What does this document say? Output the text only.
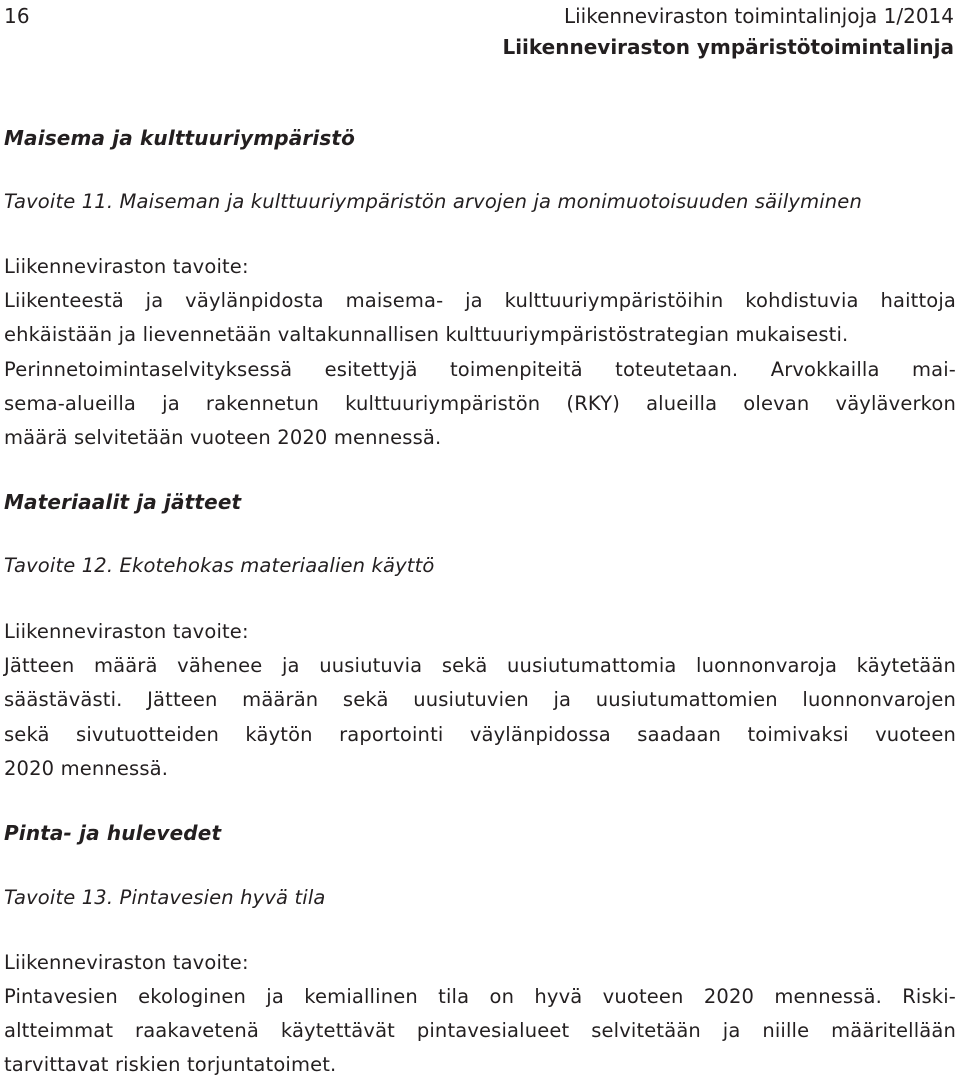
16	Liikenneviraston toimintalinjoja 1/2014
Liikenneviraston ympäristötoimintalinja
Maisema ja kulttuuriympäristö
Tavoite 11. Maiseman ja kulttuuriympäristön arvojen ja monimuotoisuuden säilyminen
Liikenneviraston tavoite:
Liikenteestä ja väylänpidosta maisema- ja kulttuuriympäristöihin kohdistuvia haittoja
ehkäistään ja lievennetään valtakunnallisen kulttuuriympäristöstrategian mukaisesti.
Perinnetoimintaselvityksessä esitettyjä toimenpiteitä toteutetaan. Arvokkailla mai-
sema-alueilla ja rakennetun kulttuuriympäristön (RKY) alueilla olevan väyläverkon
määrä selvitetään vuoteen 2020 mennessä.
Materiaalit ja jätteet
Tavoite 12. Ekotehokas materiaalien käyttö
Liikenneviraston tavoite:
Jätteen määrä vähenee ja uusiutuvia sekä uusiutumattomia luonnonvaroja käytetään
säästävästi. Jätteen määrän sekä uusiutuvien ja uusiutumattomien luonnonvarojen
sekä sivutuotteiden käytön raportointi väylänpidossa saadaan toimivaksi vuoteen
2020 mennessä.
Pinta- ja hulevedet
Tavoite 13. Pintavesien hyvä tila
Liikenneviraston tavoite:
Pintavesien ekologinen ja kemiallinen tila on hyvä vuoteen 2020 mennessä. Riski-
altteimmat raakavetenä käytettävät pintavesialueet selvitetään ja niille määritellään
tarvittavat riskien torjuntatoimet.
